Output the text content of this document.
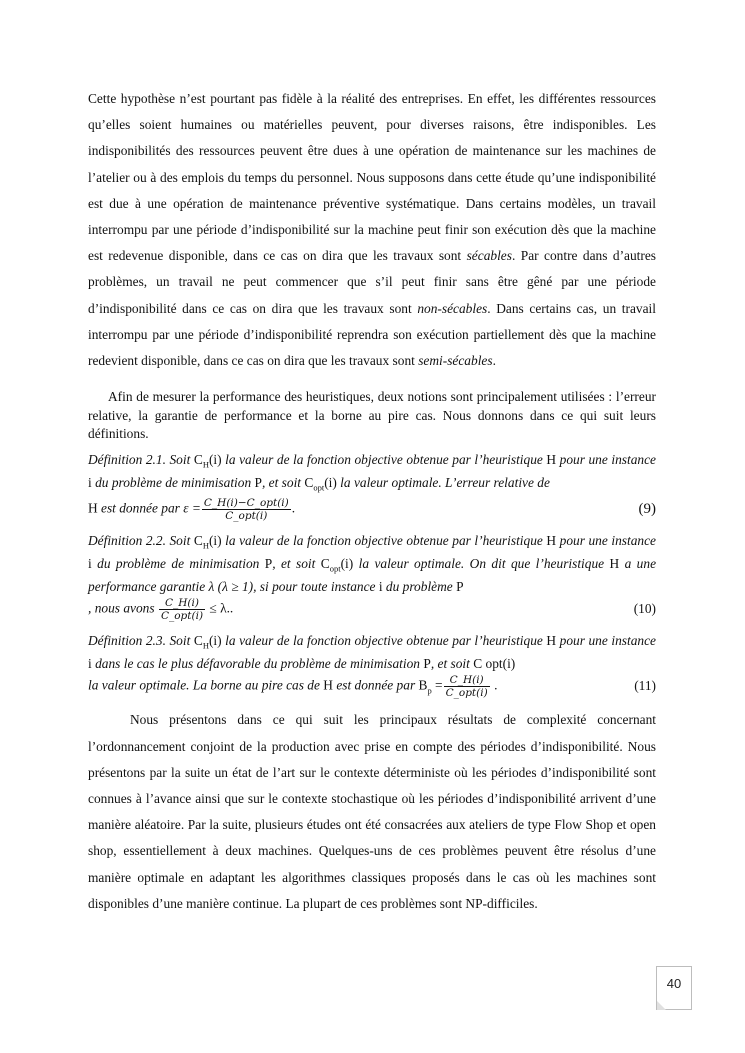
Cette hypothèse n’est pourtant pas fidèle à la réalité des entreprises. En effet, les différentes ressources qu’elles soient humaines ou matérielles peuvent, pour diverses raisons, être indisponibles. Les indisponibilités des ressources peuvent être dues à une opération de maintenance sur les machines de l’atelier ou à des emplois du temps du personnel. Nous supposons dans cette étude qu’une indisponibilité est due à une opération de maintenance préventive systématique. Dans certains modèles, un travail interrompu par une période d’indisponibilité sur la machine peut finir son exécution dès que la machine est redevenue disponible, dans ce cas on dira que les travaux sont sécables. Par contre dans d’autres problèmes, un travail ne peut commencer que s’il peut finir sans être gêné par une période d’indisponibilité dans ce cas on dira que les travaux sont non-sécables. Dans certains cas, un travail interrompu par une période d’indisponibilité reprendra son exécution partiellement dès que la machine redevient disponible, dans ce cas on dira que les travaux sont semi-sécables.

Afin de mesurer la performance des heuristiques, deux notions sont principalement utilisées : l’erreur relative, la garantie de performance et la borne au pire cas. Nous donnons dans ce qui suit leurs définitions.

Définition 2.1. Soit $C_H(i)$ la valeur de la fonction objective obtenue par l’heuristique H pour une instance i du problème de minimisation P, et soit $C_{opt}(i)$ la valeur optimale. L’erreur relative de
H est donnée par $\varepsilon = \frac{\text{C\_H(i)−C\_opt(i)}}{\text{C\_opt(i)}}$ .	(9)
Définition 2.2. Soit $C_H(i)$ la valeur de la fonction objective obtenue par l’heuristique H pour une instance i du problème de minimisation P, et soit $C_{opt}(i)$ la valeur optimale. On dit que l’heuristique H a une performance garantie λ (λ ≥ 1), si pour toute instance i du problème P
, nous avons $\frac{C\_H(i)}{\text{C\_opt(i)}} \le \lambda$..	(10)
Définition 2.3. Soit $C_H(i)$ la valeur de la fonction objective obtenue par l’heuristique H pour une instance i dans le cas le plus défavorable du problème de minimisation P, et soit C opt(i)
la valeur optimale. La borne au pire cas de H est donnée par $B_p = \frac{C\_H(i)}{\text{C\_opt(i)}}$ .	(11)

Nous présentons dans ce qui suit les principaux résultats de complexité concernant l’ordonnancement conjoint de la production avec prise en compte des périodes d’indisponibilité. Nous présentons par la suite un état de l’art sur le contexte déterministe où les périodes d’indisponibilité sont connues à l’avance ainsi que sur le contexte stochastique où les périodes d’indisponibilité arrivent d’une manière aléatoire. Par la suite, plusieurs études ont été consacrées aux ateliers de type Flow Shop et open shop, essentiellement à deux machines. Quelques-uns de ces problèmes peuvent être résolus d’une manière optimale en adaptant les algorithmes classiques proposés dans le cas où les machines sont disponibles d’une manière continue. La plupart de ces problèmes sont NP-difficiles.

40
